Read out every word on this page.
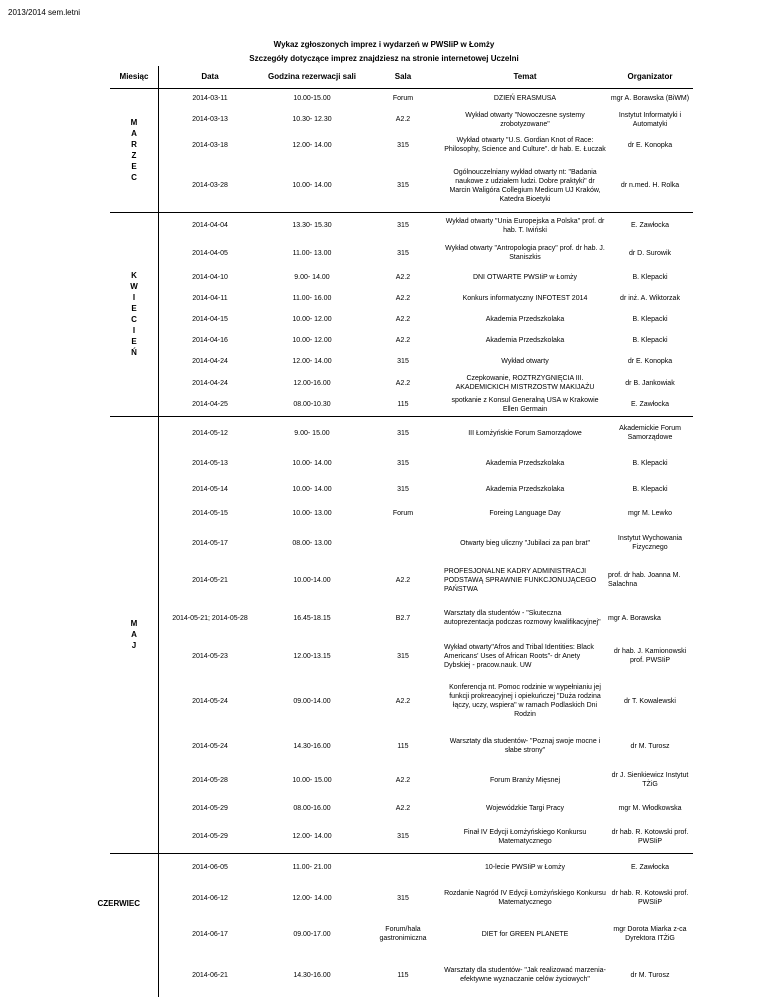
2013/2014 sem.letni
Wykaz zgłoszonych imprez i wydarzeń w PWSIiP w Łomży
Szczegóły dotyczące imprez znajdziesz na stronie internetowej Uczelni
Miesiąc	Data	Godzina rezerwacji sali	Sala	Temat	Organizator

M A R Z E C	2014-03-11	10.00-15.00	Forum	DZIEŃ ERASMUSA	mgr A. Borawska (BiWM)
	2014-03-13	10.30- 12.30	A2.2	Wykład otwarty "Nowoczesne systemy zrobotyzowane"	Instytut Informatyki i Automatyki
	2014-03-18	12.00- 14.00	315	Wykład otwarty "U.S. Gordian Knot of Race: Philosophy, Science and Culture". dr hab. E. Łuczak	dr E. Konopka
	2014-03-28	10.00- 14.00	315	Ogólnouczelniany wykład otwarty nt: "Badania naukowe z udziałem ludzi. Dobre praktyki" dr Marcin Waligóra Collegium Medicum UJ Kraków, Katedra Bioetyki	dr n.med. H. Rolka

K W I E C I E Ń	2014-04-04	13.30- 15.30	315	Wykład otwarty "Unia Europejska a Polska" prof. dr hab. T. Iwiński	E. Zawłocka
	2014-04-05	11.00- 13.00	315	Wykład otwarty "Antropologia pracy" prof. dr hab. J. Staniszkis	dr D. Surowik
	2014-04-10	9.00- 14.00	A2.2	DNI OTWARTE PWSIiP w Łomży	B. Klepacki
	2014-04-11	11.00- 16.00	A2.2	Konkurs informatyczny INFOTEST 2014	dr inż. A. Wiktorzak
	2014-04-15	10.00- 12.00	A2.2	Akademia Przedszkolaka	B. Klepacki
	2014-04-16	10.00- 12.00	A2.2	Akademia Przedszkolaka	B. Klepacki
	2014-04-24	12.00- 14.00	315	Wykład otwarty	dr E. Konopka
	2014-04-24	12.00-16.00	A2.2	Czepkowanie, ROZTRZYGNIĘCIA III. AKADEMICKICH MISTRZOSTW MAKIJAŻU	dr B. Jankowiak
	2014-04-25	08.00-10.30	115	spotkanie z Konsul Generalną USA w Krakowie Ellen Germain	E. Zawłocka

M A J	2014-05-12	9.00- 15.00	315	III Łomżyńskie Forum Samorządowe	Akademickie Forum Samorządowe
	2014-05-13	10.00- 14.00	315	Akademia Przedszkolaka	B. Klepacki
	2014-05-14	10.00- 14.00	315	Akademia Przedszkolaka	B. Klepacki
	2014-05-15	10.00- 13.00	Forum	Foreing Language Day	mgr M. Lewko
	2014-05-17	08.00- 13.00		Otwarty bieg uliczny "Jubilaci za pan brat"	Instytut Wychowania Fizycznego
	2014-05-21	10.00-14.00	A2.2	PROFESJONALNE KADRY ADMINISTRACJI PODSTAWĄ SPRAWNIE FUNKCJONUJĄCEGO PAŃSTWA	prof. dr hab. Joanna M. Salachna
	2014-05-21; 2014-05-28	16.45-18.15	B2.7	Warsztaty dla studentów - "Skuteczna autoprezentacja podczas rozmowy kwalifikacyjnej"	mgr A. Borawska
	2014-05-23	12.00-13.15	315	Wykład otwarty"Afros and Tribal Identities: Black Americans' Uses of African Roots"- dr Anety Dybskiej - pracow.nauk. UW	dr hab. J. Kamionowski prof. PWSIiP
	2014-05-24	09.00-14.00	A2.2	Konferencja nt. Pomoc rodzinie w wypełnianiu jej funkcji prokreacyjnej i opiekuńczej "Duża rodzina łączy, uczy, wspiera" w ramach Podlaskich Dni Rodzin	dr T. Kowalewski
	2014-05-24	14.30-16.00	115	Warsztaty dla studentów- "Poznaj swoje mocne i słabe strony"	dr M. Turosz
	2014-05-28	10.00- 15.00	A2.2	Forum Branży Mięsnej	dr J. Sienkiewicz Instytut TŻiG
	2014-05-29	08.00-16.00	A2.2	Wojewódzkie Targi Pracy	mgr M. Włodkowska
	2014-05-29	12.00- 14.00	315	Finał IV Edycji Łomżyńskiego Konkursu Matematycznego	dr hab. R. Kotowski prof. PWSIiP

CZERWIEC	2014-06-05	11.00- 21.00		10-lecie PWSIiP w Łomży	E. Zawłocka
	2014-06-12	12.00- 14.00	315	Rozdanie Nagród IV Edycji Łomżyńskiego Konkursu Matematycznego	dr hab. R. Kotowski prof. PWSIiP
	2014-06-17	09.00-17.00	Forum/hala gastronimiczna	DIET for GREEN PLANETE	mgr Dorota Miarka z-ca Dyrektora ITŻiG
	2014-06-21	14.30-16.00	115	Warsztaty dla studentów- "Jak realizować marzenia-efektywne wyznaczanie celów życiowych"	dr M. Turosz
